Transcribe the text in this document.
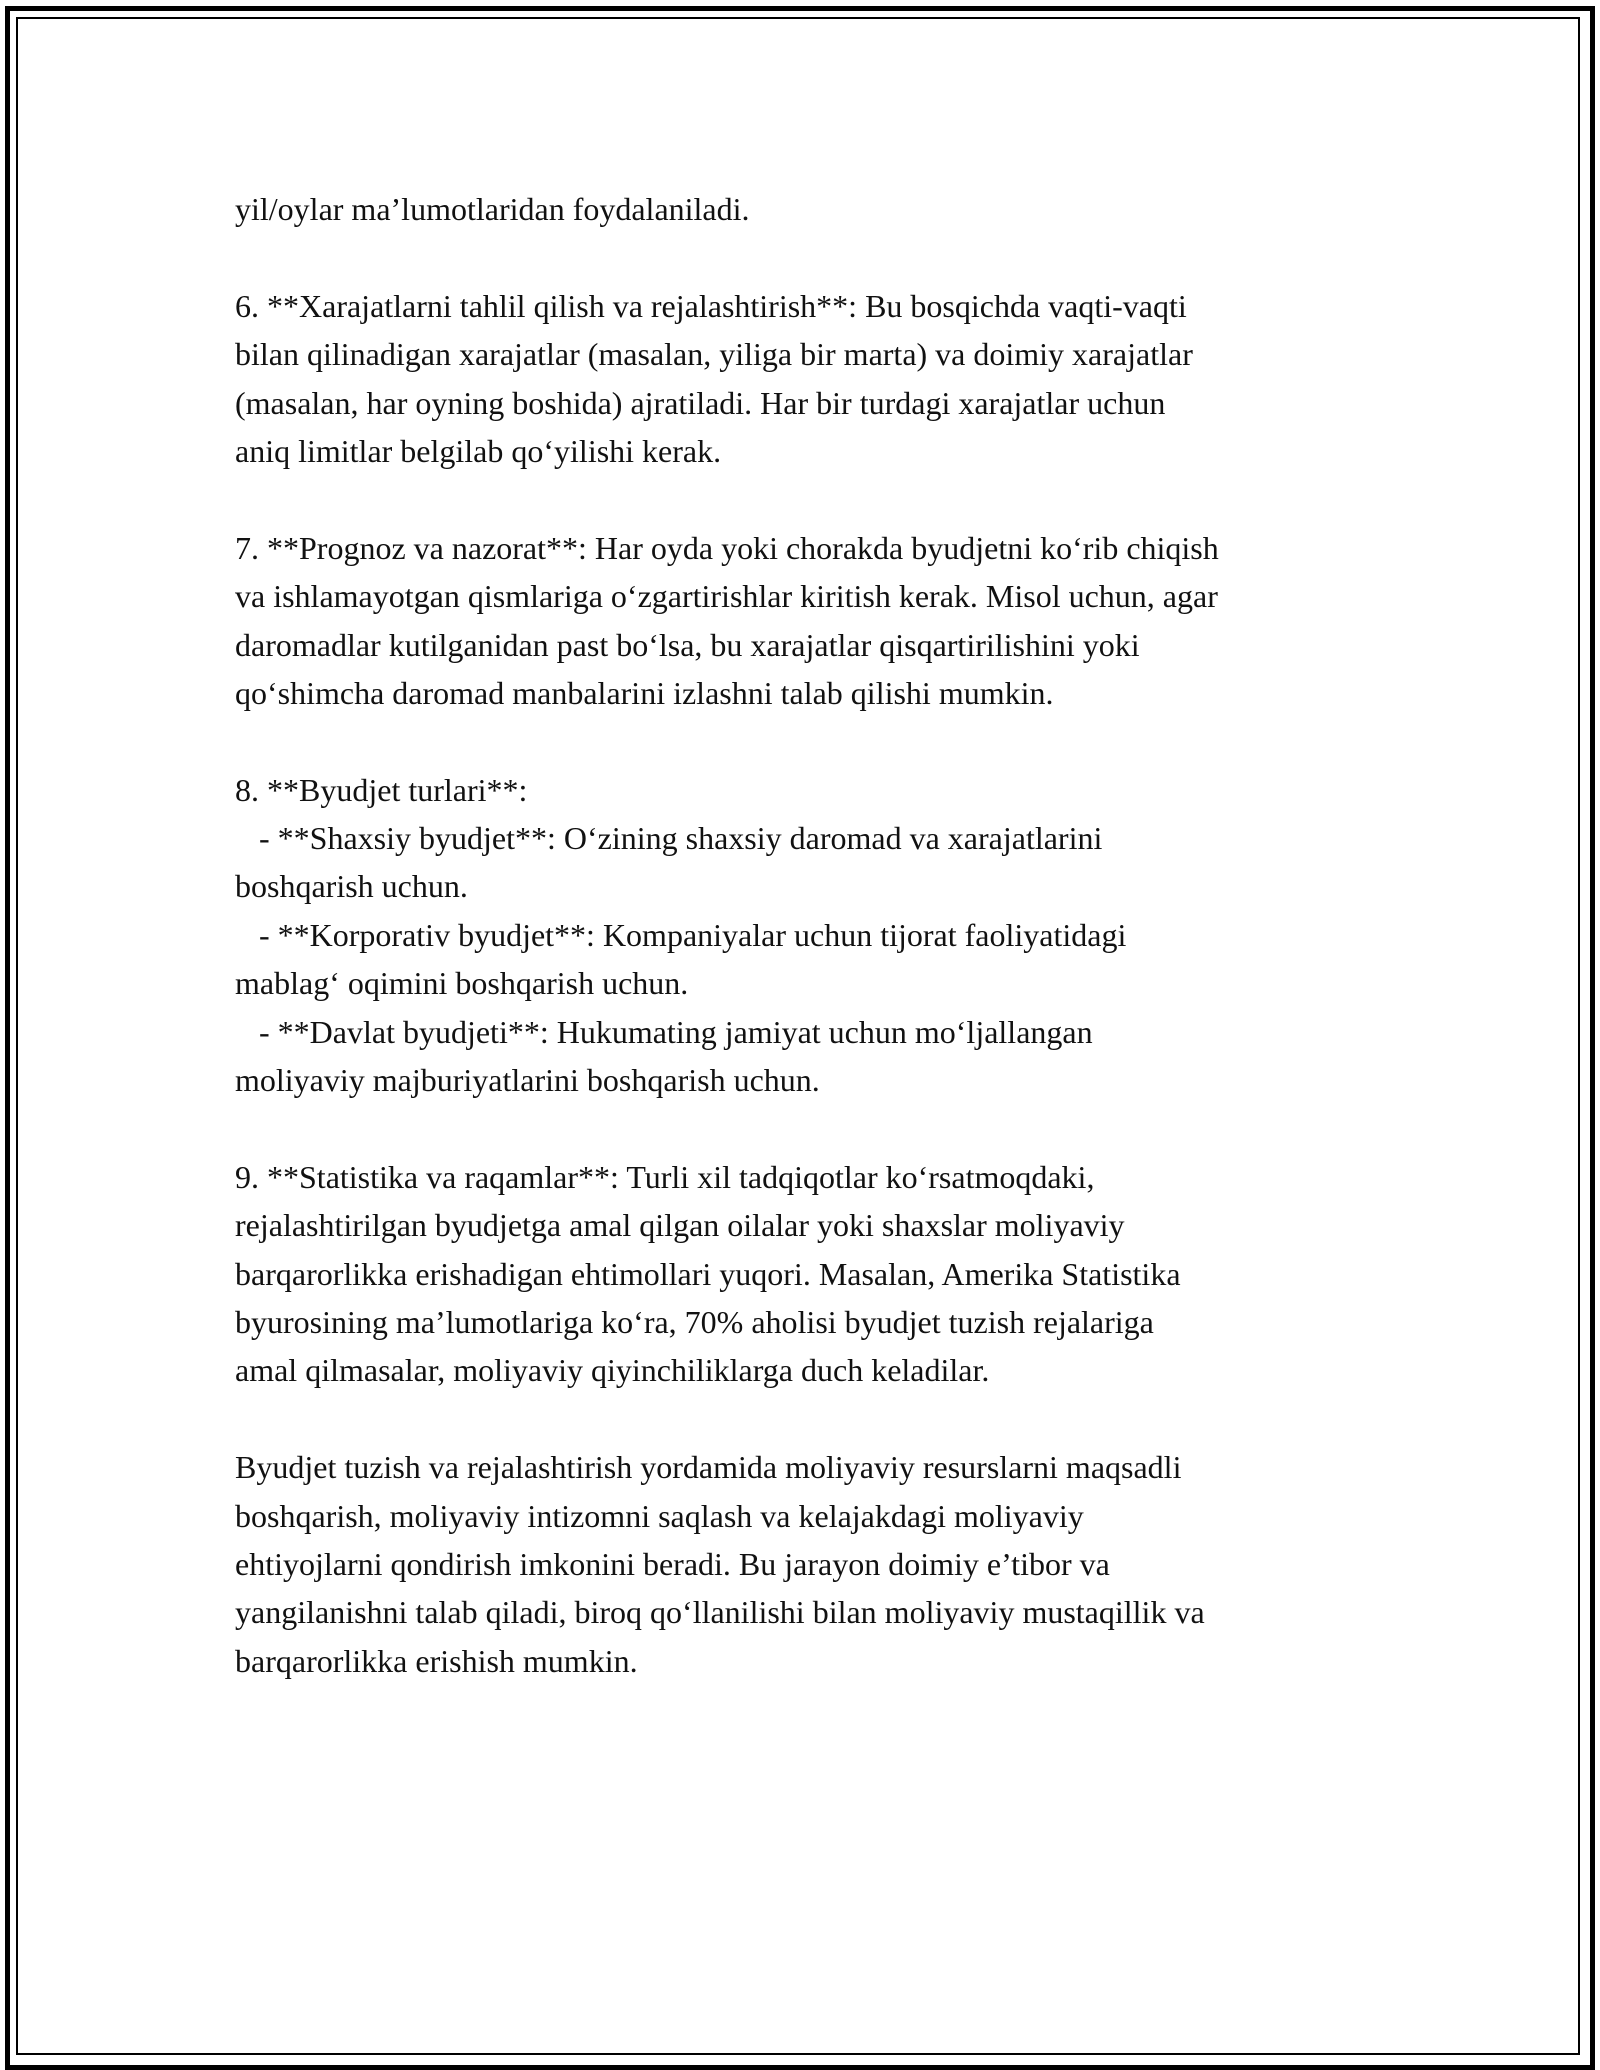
yil/oylar ma’lumotlaridan foydalaniladi.
6. **Xarajatlarni tahlil qilish va rejalashtirish**: Bu bosqichda vaqti-vaqti
bilan qilinadigan xarajatlar (masalan, yiliga bir marta) va doimiy xarajatlar
(masalan, har oyning boshida) ajratiladi. Har bir turdagi xarajatlar uchun
aniq limitlar belgilab qo‘yilishi kerak.
7. **Prognoz va nazorat**: Har oyda yoki chorakda byudjetni ko‘rib chiqish
va ishlamayotgan qismlariga o‘zgartirishlar kiritish kerak. Misol uchun, agar
daromadlar kutilganidan past bo‘lsa, bu xarajatlar qisqartirilishini yoki
qo‘shimcha daromad manbalarini izlashni talab qilishi mumkin.
8. **Byudjet turlari**:
- **Shaxsiy byudjet**: O‘zining shaxsiy daromad va xarajatlarini
boshqarish uchun.
- **Korporativ byudjet**: Kompaniyalar uchun tijorat faoliyatidagi
mablag‘ oqimini boshqarish uchun.
- **Davlat byudjeti**: Hukumating jamiyat uchun mo‘ljallangan
moliyaviy majburiyatlarini boshqarish uchun.
9. **Statistika va raqamlar**: Turli xil tadqiqotlar ko‘rsatmoqdaki,
rejalashtirilgan byudjetga amal qilgan oilalar yoki shaxslar moliyaviy
barqarorlikka erishadigan ehtimollari yuqori. Masalan, Amerika Statistika
byurosining ma’lumotlariga ko‘ra, 70% aholisi byudjet tuzish rejalariga
amal qilmasalar, moliyaviy qiyinchiliklarga duch keladilar.
Byudjet tuzish va rejalashtirish yordamida moliyaviy resurslarni maqsadli
boshqarish, moliyaviy intizomni saqlash va kelajakdagi moliyaviy
ehtiyojlarni qondirish imkonini beradi. Bu jarayon doimiy e’tibor va
yangilanishni talab qiladi, biroq qo‘llanilishi bilan moliyaviy mustaqillik va
barqarorlikka erishish mumkin.
